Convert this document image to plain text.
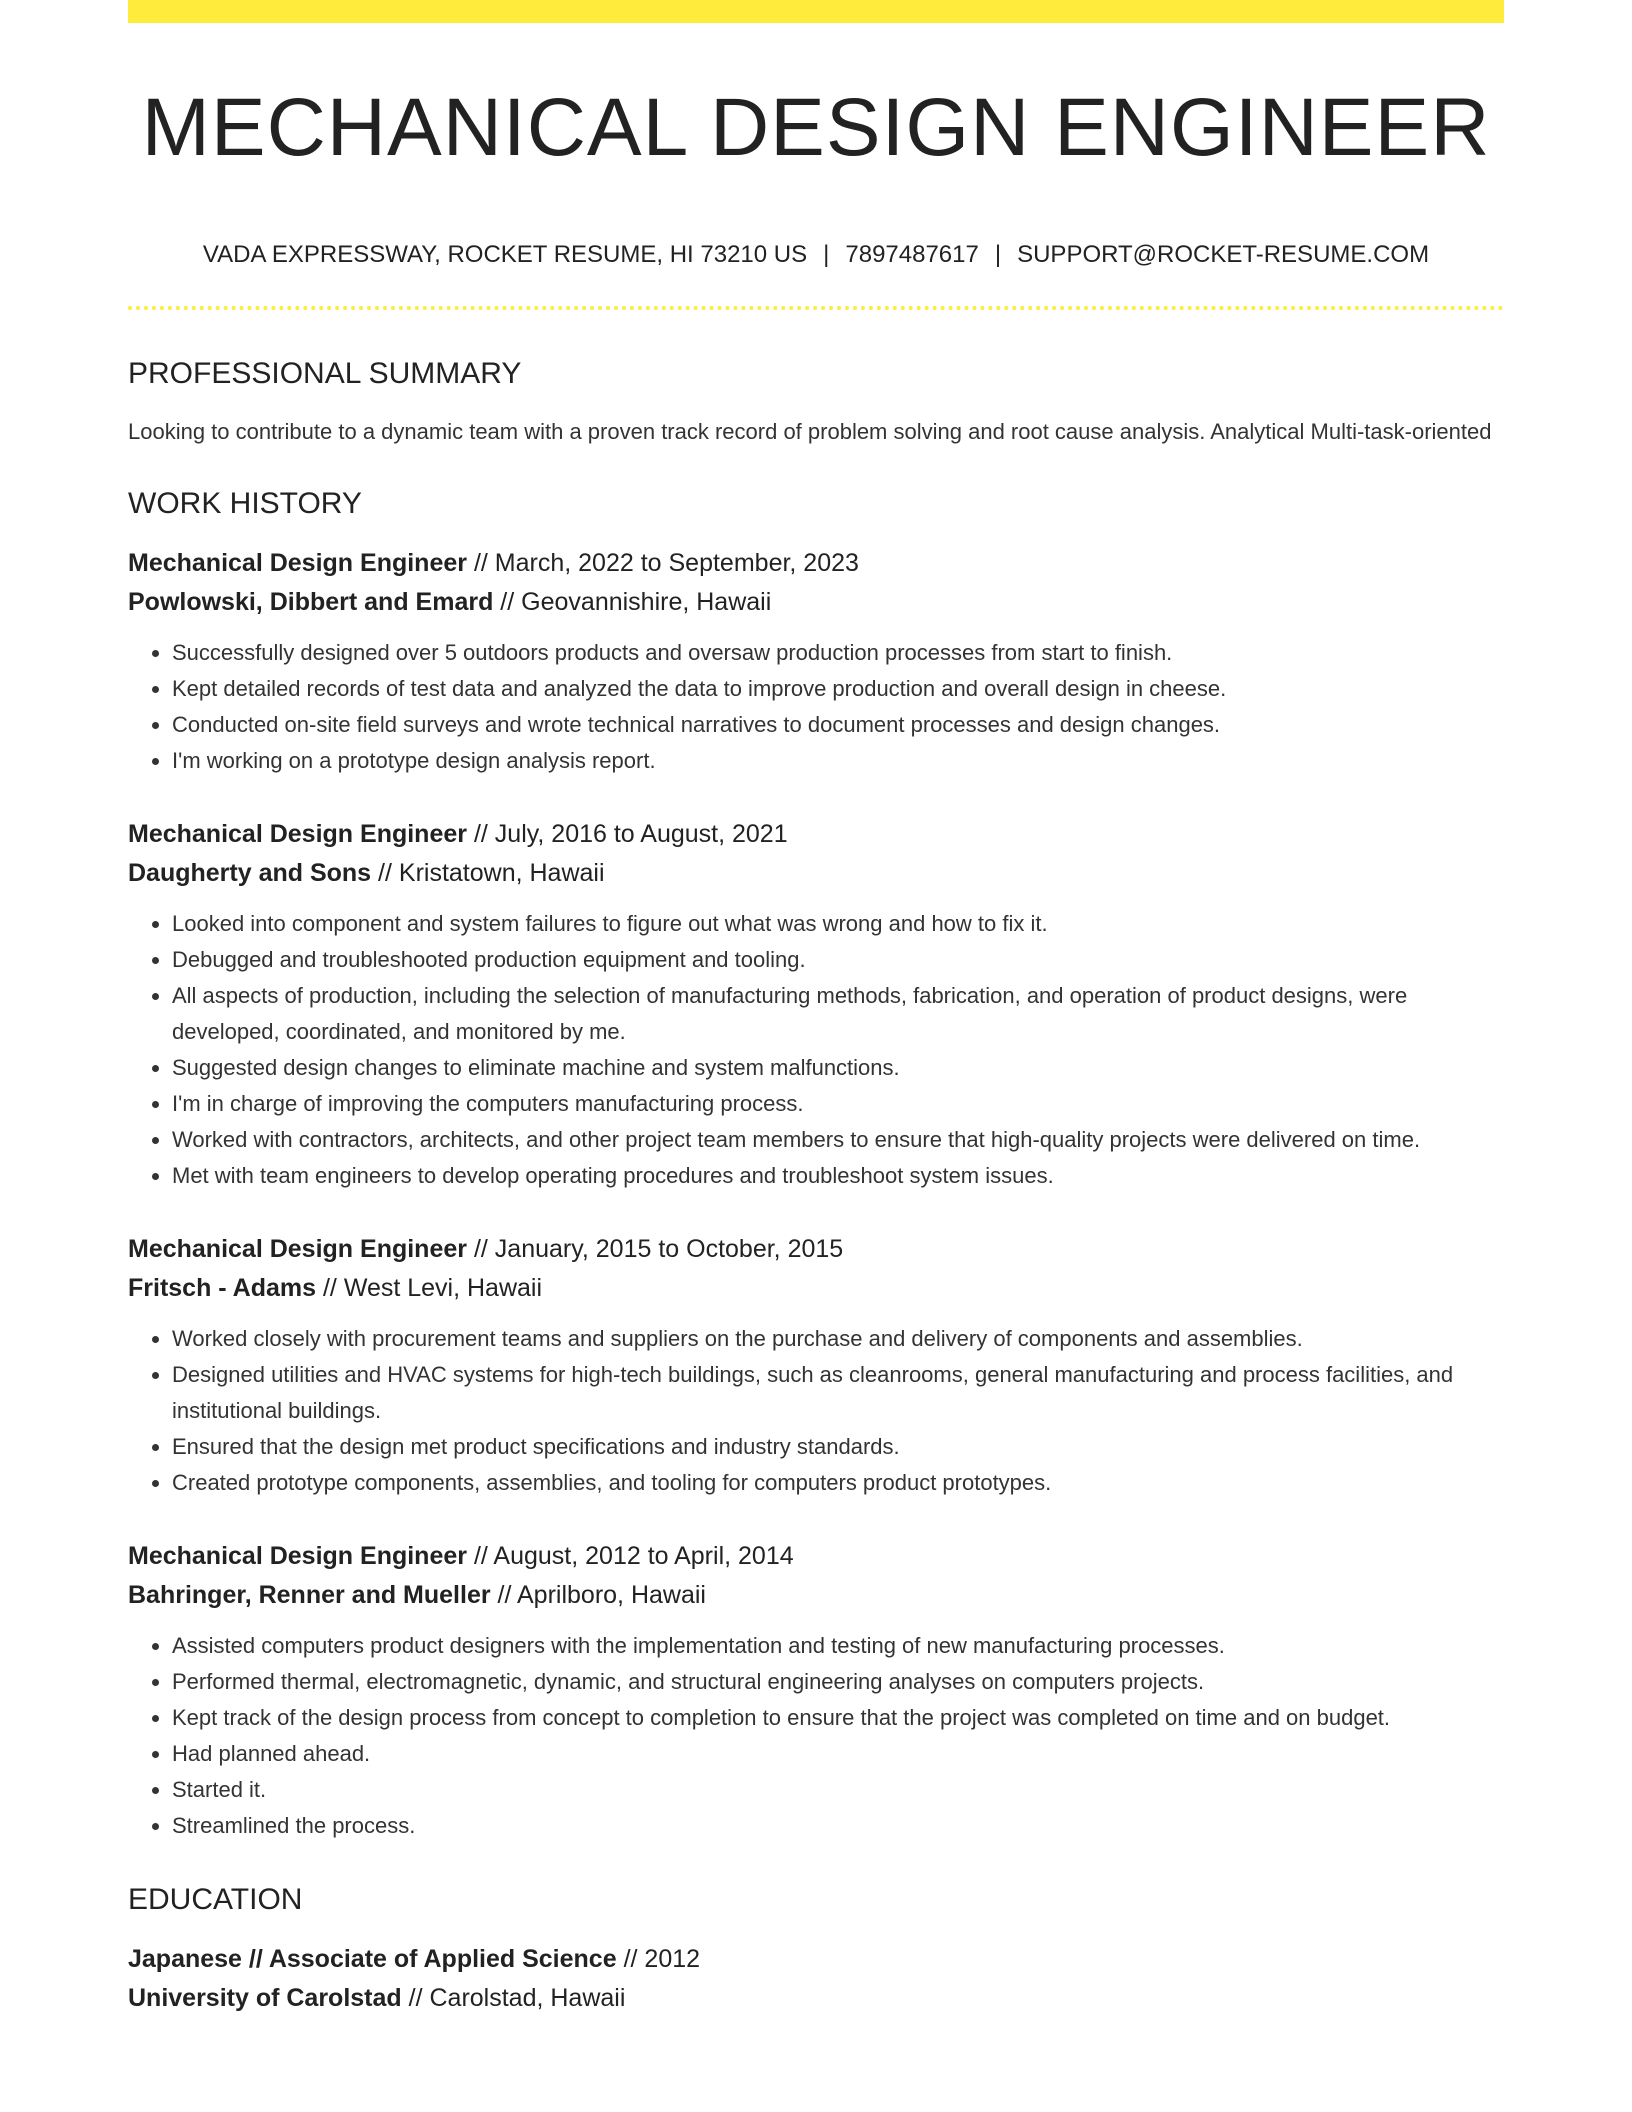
MECHANICAL DESIGN ENGINEER
VADA EXPRESSWAY, ROCKET RESUME, HI 73210 US | 7897487617 | SUPPORT@ROCKET-RESUME.COM
PROFESSIONAL SUMMARY

Looking to contribute to a dynamic team with a proven track record of problem solving and root cause analysis. Analytical Multi-task-oriented

WORK HISTORY
Mechanical Design Engineer // March, 2022 to September, 2023
Powlowski, Dibbert and Emard // Geovannishire, Hawaii
• Successfully designed over 5 outdoors products and oversaw production processes from start to finish.
• Kept detailed records of test data and analyzed the data to improve production and overall design in cheese.
• Conducted on-site field surveys and wrote technical narratives to document processes and design changes.
• I'm working on a prototype design analysis report.
Mechanical Design Engineer // July, 2016 to August, 2021
Daugherty and Sons // Kristatown, Hawaii
• Looked into component and system failures to figure out what was wrong and how to fix it.
• Debugged and troubleshooted production equipment and tooling.
• All aspects of production, including the selection of manufacturing methods, fabrication, and operation of product designs, were developed, coordinated, and monitored by me.
• Suggested design changes to eliminate machine and system malfunctions.
• I'm in charge of improving the computers manufacturing process.
• Worked with contractors, architects, and other project team members to ensure that high-quality projects were delivered on time.
• Met with team engineers to develop operating procedures and troubleshoot system issues.
Mechanical Design Engineer // January, 2015 to October, 2015
Fritsch - Adams // West Levi, Hawaii
• Worked closely with procurement teams and suppliers on the purchase and delivery of components and assemblies.
• Designed utilities and HVAC systems for high-tech buildings, such as cleanrooms, general manufacturing and process facilities, and institutional buildings.
• Ensured that the design met product specifications and industry standards.
• Created prototype components, assemblies, and tooling for computers product prototypes.
Mechanical Design Engineer // August, 2012 to April, 2014
Bahringer, Renner and Mueller // Aprilboro, Hawaii
• Assisted computers product designers with the implementation and testing of new manufacturing processes.
• Performed thermal, electromagnetic, dynamic, and structural engineering analyses on computers projects.
• Kept track of the design process from concept to completion to ensure that the project was completed on time and on budget.
• Had planned ahead.
• Started it.
• Streamlined the process.
EDUCATION
Japanese // Associate of Applied Science // 2012
University of Carolstad // Carolstad, Hawaii
